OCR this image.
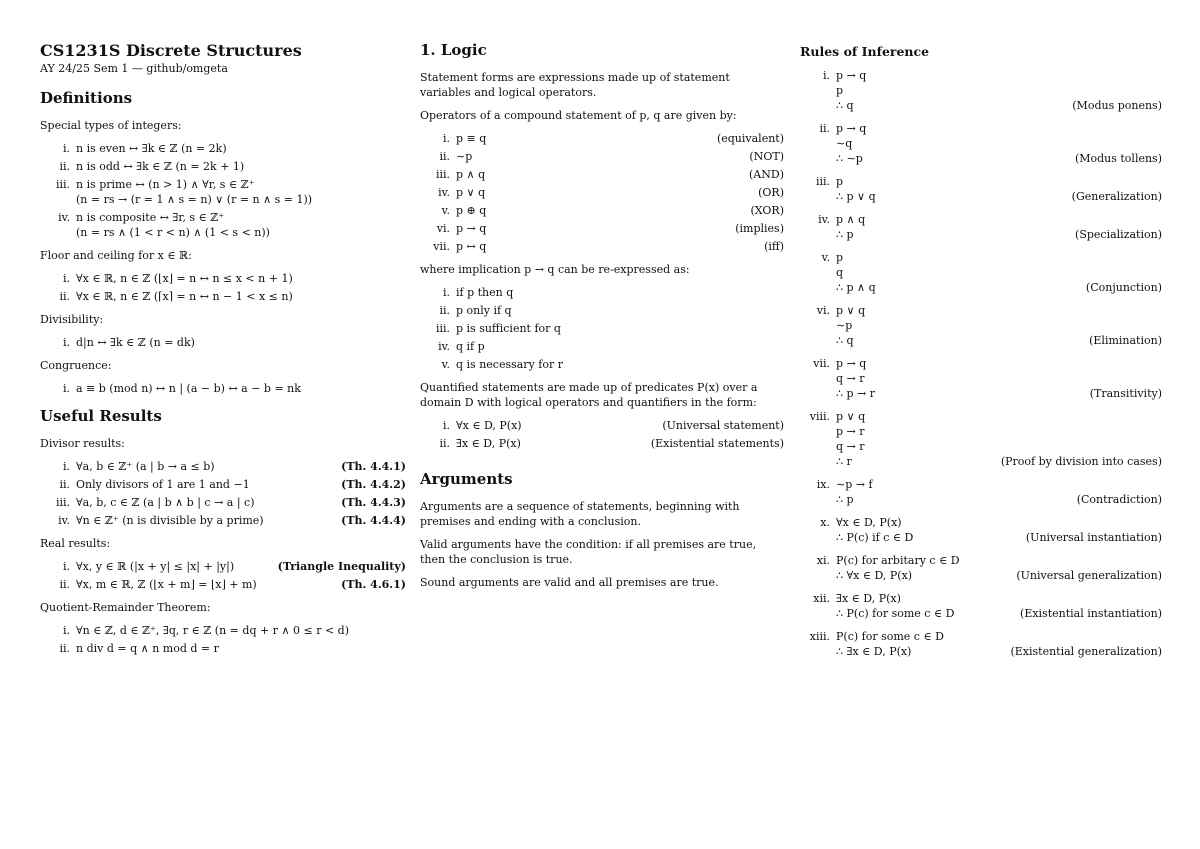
CS1231S Discrete Structures

AY 24/25 Sem 1 — github/omgeta

Definitions

Special types of integers:

i. n is even ↔ ∃k ∈ ℤ (n = 2k)
ii. n is odd ↔ ∃k ∈ ℤ (n = 2k + 1)
iii. n is prime ↔ (n > 1) ∧ ∀r, s ∈ ℤ⁺
(n = rs → (r = 1 ∧ s = n) ∨ (r = n ∧ s = 1))
iv. n is composite ↔ ∃r, s ∈ ℤ⁺
(n = rs ∧ (1 < r < n) ∧ (1 < s < n))

Floor and ceiling for x ∈ ℝ:

i. ∀x ∈ ℝ, n ∈ ℤ (⌊x⌋ = n ↔ n ≤ x < n + 1)
ii. ∀x ∈ ℝ, n ∈ ℤ (⌈x⌉ = n ↔ n − 1 < x ≤ n)

Divisibility:

i. d|n ↔ ∃k ∈ ℤ (n = dk)

Congruence:

i. a ≡ b (mod n) ↔ n | (a − b) ↔ a − b = nk
Useful Results

Divisor results:

i. ∀a, b ∈ ℤ⁺ (a | b → a ≤ b)	(Th. 4.4.1)
ii. Only divisors of 1 are 1 and −1	(Th. 4.4.2)
iii. ∀a, b, c ∈ ℤ (a | b ∧ b | c → a | c)	(Th. 4.4.3)
iv. ∀n ∈ ℤ⁺ (n is divisible by a prime)	(Th. 4.4.4)

Real results:

i. ∀x, y ∈ ℝ (|x + y| ≤ |x| + |y|)	(Triangle Inequality)
ii. ∀x, m ∈ ℝ, ℤ (⌊x + m⌋ = ⌊x⌋ + m)	(Th. 4.6.1)

Quotient-Remainder Theorem:

i. ∀n ∈ ℤ, d ∈ ℤ⁺, ∃q, r ∈ ℤ (n = dq + r ∧ 0 ≤ r < d)
ii. n div d = q ∧ n mod d = r
1. Logic

Statement forms are expressions made up of statement variables and logical operators.

Operators of a compound statement of p, q are given by:

i. p ≡ q	(equivalent)
ii. ∼p	(NOT)
iii. p ∧ q	(AND)
iv. p ∨ q	(OR)
v. p ⊕ q	(XOR)
vi. p → q	(implies)
vii. p ↔ q	(iff)

where implication p → q can be re-expressed as:

i. if p then q
ii. p only if q
iii. p is sufficient for q
iv. q if p
v. q is necessary for r

Quantified statements are made up of predicates P(x) over a domain D with logical operators and quantifiers in the form:

i. ∀x ∈ D, P(x)	(Universal statement)
ii. ∃x ∈ D, P(x)	(Existential statements)
Arguments

Arguments are a sequence of statements, beginning with premises and ending with a conclusion.

Valid arguments have the condition: if all premises are true, then the conclusion is true.

Sound arguments are valid and all premises are true.

Rules of Inference
i. p → q
p
∴ q	(Modus ponens)
ii. p → q
∼q
∴ ∼p	(Modus tollens)
iii. p
∴ p ∨ q	(Generalization)
iv. p ∧ q
∴ p	(Specialization)
v. p
q
∴ p ∧ q	(Conjunction)
vi. p ∨ q
∼p
∴ q	(Elimination)
vii. p → q
q → r
∴ p → r	(Transitivity)
viii. p ∨ q
p → r
q → r
∴ r	(Proof by division into cases)
ix. ∼p → f
∴ p	(Contradiction)
x. ∀x ∈ D, P(x)
∴ P(c) if c ∈ D	(Universal instantiation)
xi. P(c) for arbitary c ∈ D
∴ ∀x ∈ D, P(x)	(Universal generalization)
xii. ∃x ∈ D, P(x)
∴ P(c) for some c ∈ D	(Existential instantiation)
xiii. P(c) for some c ∈ D
∴ ∃x ∈ D, P(x)	(Existential generalization)
